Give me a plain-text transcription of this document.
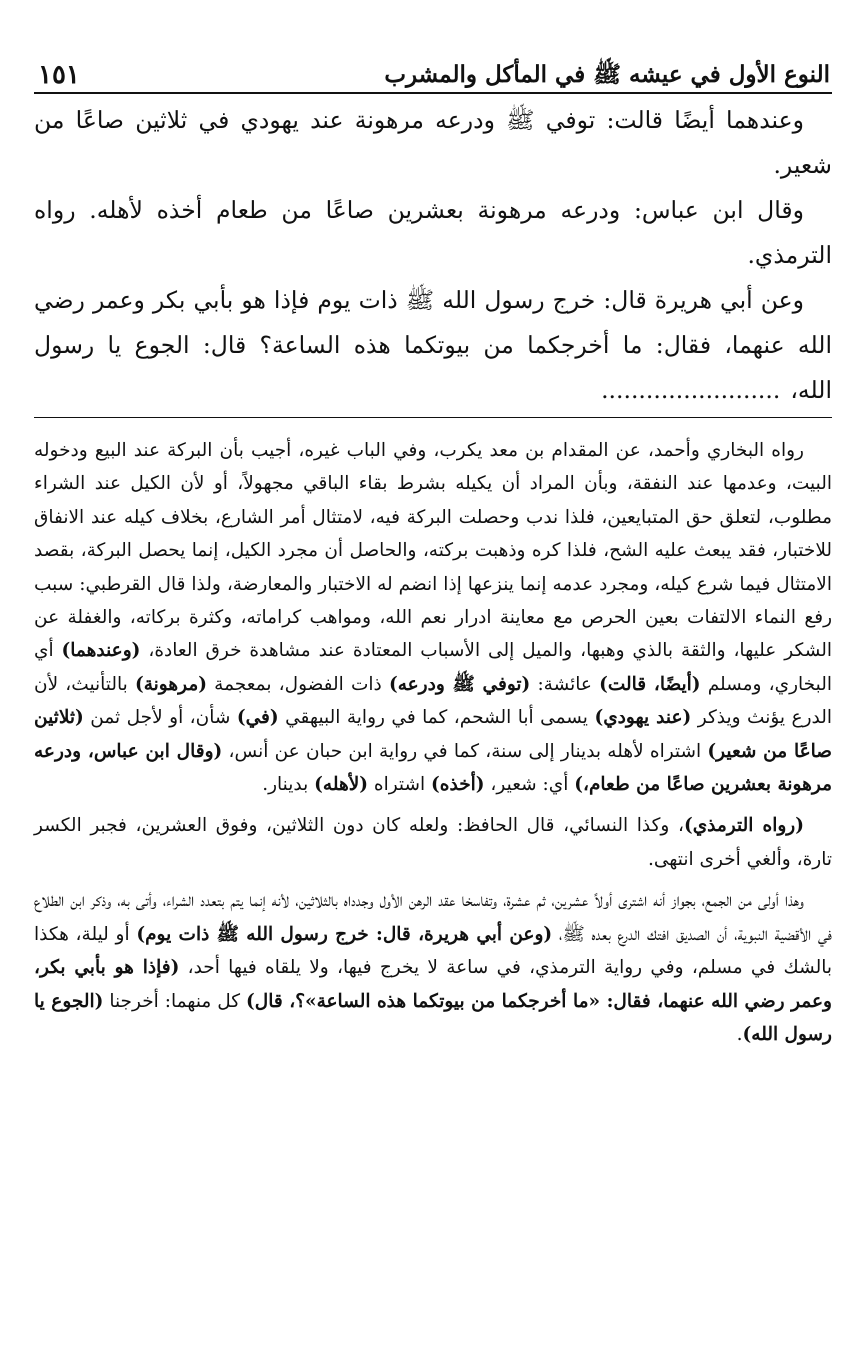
النوع الأول في عيشه ﷺ في المأكل والمشرب
١٥١

وعندهما أيضًا قالت: توفي ﷺ ودرعه مرهونة عند يهودي في ثلاثين صاعًا من شعير.

وقال ابن عباس: ودرعه مرهونة بعشرين صاعًا من طعام أخذه لأهله. رواه الترمذي.

وعن أبي هريرة قال: خرج رسول الله ﷺ ذات يوم فإذا هو بأبي بكر وعمر رضي الله عنهما، فقال: ما أخرجكما من بيوتكما هذه الساعة؟ قال: الجوع يا رسول الله،........................

رواه البخاري وأحمد، عن المقدام بن معد يكرب، وفي الباب غيره، أجيب بأن البركة عند البيع ودخوله البيت، وعدمها عند النفقة، وبأن المراد أن يكيله بشرط بقاء الباقي مجهولاً، أو لأن الكيل عند الشراء مطلوب، لتعلق حق المتبايعين، فلذا ندب وحصلت البركة فيه، لامتثال أمر الشارع، بخلاف كيله عند الانفاق للاختبار، فقد يبعث عليه الشح، فلذا كره وذهبت بركته، والحاصل أن مجرد الكيل، إنما يحصل البركة، بقصد الامتثال فيما شرع كيله، ومجرد عدمه إنما ينزعها إذا انضم له الاختبار والمعارضة، ولذا قال القرطبي: سبب رفع النماء الالتفات بعين الحرص مع معاينة ادرار نعم الله، ومواهب كراماته، وكثرة بركاته، والغفلة عن الشكر عليها، والثقة بالذي وهبها، والميل إلى الأسباب المعتادة عند مشاهدة خرق العادة، (وعندهما) أي البخاري، ومسلم (أيضًا، قالت) عائشة: (توفي ﷺ ودرعه) ذات الفضول، بمعجمة (مرهونة) بالتأنيث، لأن الدرع يؤنث ويذكر (عند يهودي) يسمى أبا الشحم، كما في رواية البيهقي (في) شأن، أو لأجل ثمن (ثلاثين صاعًا من شعير) اشتراه لأهله بدينار إلى سنة، كما في رواية ابن حبان عن أنس، (وقال ابن عباس، ودرعه مرهونة بعشرين صاعًا من طعام،) أي: شعير، (أخذه) اشتراه (لأهله) بدينار.

(رواه الترمذي)، وكذا النسائي، قال الحافظ: ولعله كان دون الثلاثين، وفوق العشرين، فجبر الكسر تارة، وألغي أخرى انتهى.

وهذا أولى من الجمع، بجواز أنه اشترى أولاً عشرين، ثم عشرة، وتفاسخا عقد الرهن الأول وجدداه بالثلاثين، لأنه إنما يتم بتعدد الشراء، وأتى به، وذكر ابن الطلاع في الأقضية النبوية، أن الصديق افتك الدرع بعده ﷺ، (وعن أبي هريرة، قال: خرج رسول الله ﷺ ذات يوم) أو ليلة، هكذا بالشك في مسلم، وفي رواية الترمذي، في ساعة لا يخرج فيها، ولا يلقاه فيها أحد، (فإذا هو بأبي بكر، وعمر رضي الله عنهما، فقال: «ما أخرجكما من بيوتكما هذه الساعة»؟، قال) كل منهما: أخرجنا (الجوع يا رسول الله).
